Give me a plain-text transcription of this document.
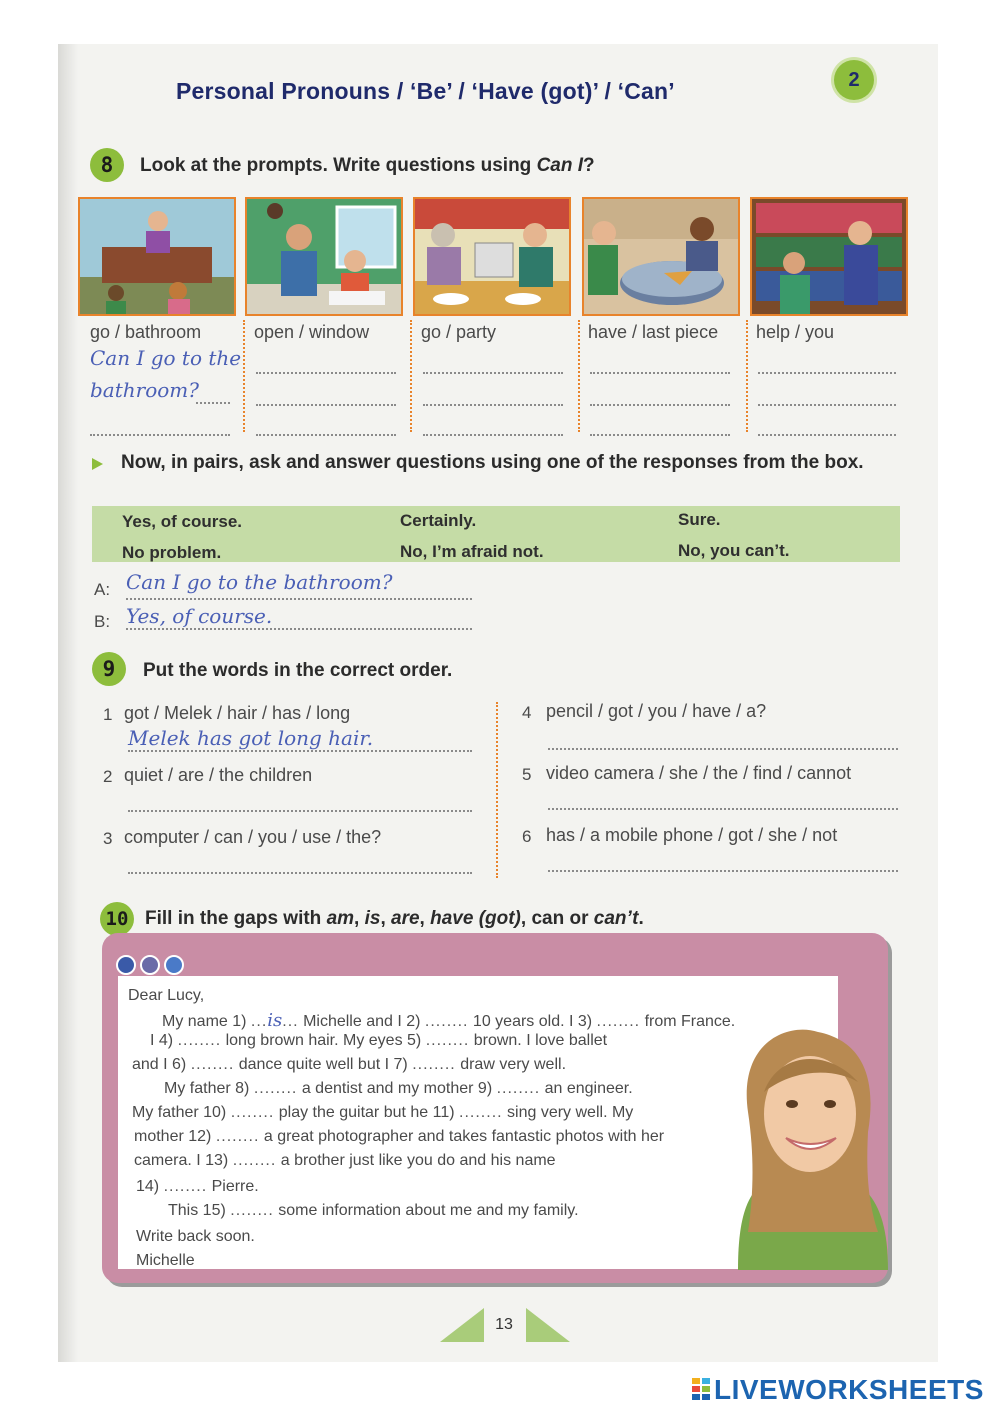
Personal Pronouns / ‘Be’ / ‘Have (got)’ / ‘Can’	2
8	Look at the prompts. Write questions using Can I?
go / bathroom	open / window	go / party	have / last piece help / you
Can I go to the
bathroom?
Now, in pairs, ask and answer questions using one of the responses from the box.
Yes, of course.	Certainly.	Sure.
No problem.	No, I’m afraid not.	No, you can’t.
A: Can I go to the bathroom?
B: Yes, of course.
9	Put the words in the correct order.
1 got / Melek / hair / has / long
Melek has got long hair.
2 quiet / are / the children
3 computer / can / you / use / the?
4 pencil / got / you / have / a?
5 video camera / she / the / find / cannot
6 has / a mobile phone / got / she / not
10 Fill in the gaps with am, is, are, have (got), can or can’t.
Dear Lucy,
My name 1) ...is... Michelle and I 2) ........ 10 years old. I 3) ........ from France.
I 4) ........ long brown hair. My eyes 5) ........ brown. I love ballet
and I 6) ........ dance quite well but I 7) ........ draw very well.
My father 8) ........ a dentist and my mother 9) ........ an engineer.
My father 10) ........ play the guitar but he 11) ........ sing very well. My
mother 12) ........ a great photographer and takes fantastic photos with her
camera. I 13) ........ a brother just like you do and his name
14) ........ Pierre.
This 15) ........ some information about me and my family.
Write back soon.
Michelle
13
LIVEWORKSHEETS
